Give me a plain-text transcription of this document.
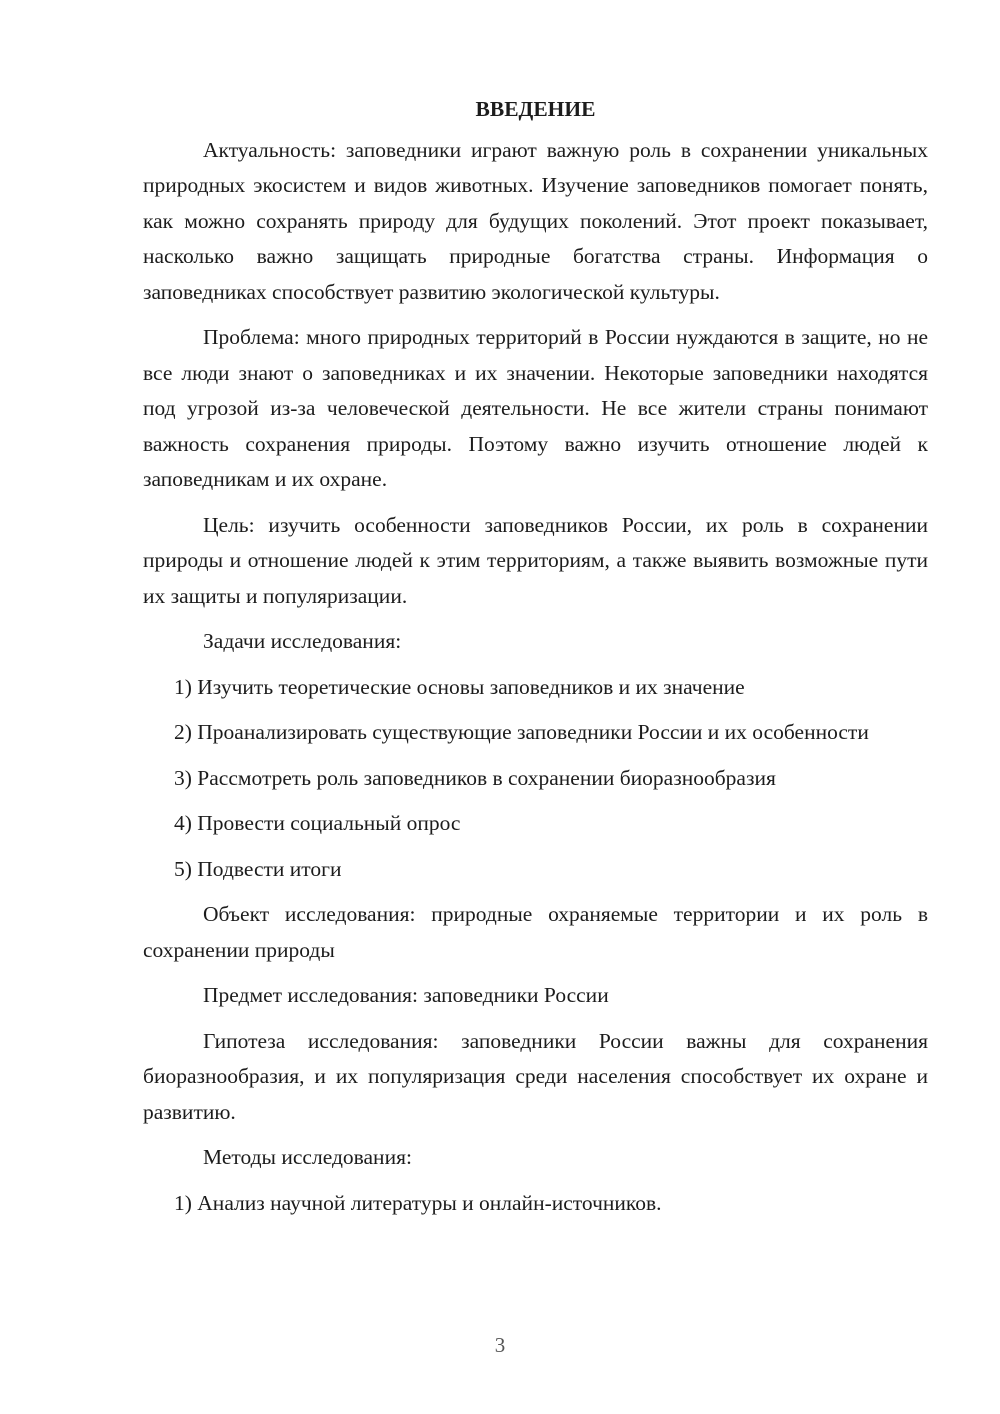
ВВЕДЕНИЕ

Актуальность: заповедники играют важную роль в сохранении уникальных природных экосистем и видов животных. Изучение заповедников помогает понять, как можно сохранять природу для будущих поколений. Этот проект показывает, насколько важно защищать природные богатства страны. Информация о заповедниках способствует развитию экологической культуры.

Проблема: много природных территорий в России нуждаются в защите, но не все люди знают о заповедниках и их значении. Некоторые заповедники находятся под угрозой из-за человеческой деятельности. Не все жители страны понимают важность сохранения природы. Поэтому важно изучить отношение людей к заповедникам и их охране.

Цель: изучить особенности заповедников России, их роль в сохранении природы и отношение людей к этим территориям, а также выявить возможные пути их защиты и популяризации.

Задачи исследования:

1) Изучить теоретические основы заповедников и их значение

2) Проанализировать существующие заповедники России и их особенности

3) Рассмотреть роль заповедников в сохранении биоразнообразия

4) Провести социальный опрос

5) Подвести итоги

Объект исследования: природные охраняемые территории и их роль в сохранении природы

Предмет исследования: заповедники России

Гипотеза исследования: заповедники России важны для сохранения биоразнообразия, и их популяризация среди населения способствует их охране и развитию.

Методы исследования:

1) Анализ научной литературы и онлайн-источников.

3
